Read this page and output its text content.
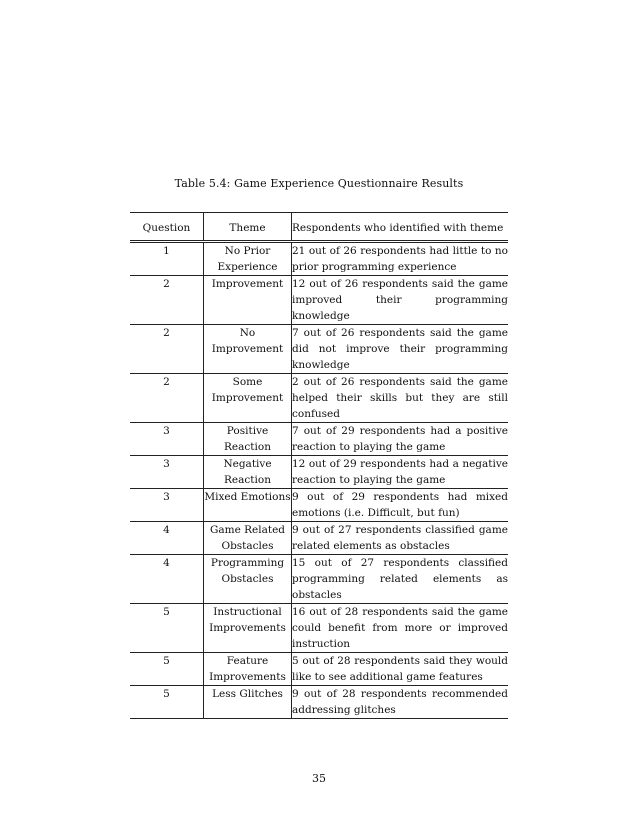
Table 5.4: Game Experience Questionnaire Results
Question	Theme	Respondents who identified with theme
1	No Prior Experience	21 out of 26 respondents had little to no prior programming experience

2	Improvement	12 out of 26 respondents said the game improved their programming knowledge

2	No Improvement	7 out of 26 respondents said the game did not improve their programming knowledge

2	Some Improvement	2 out of 26 respondents said the game helped their skills but they are still confused

3	Positive Reaction	7 out of 29 respondents had a positive reaction to playing the game

3	Negative Reaction	12 out of 29 respondents had a negative reaction to playing the game

3	Mixed Emotions	9 out of 29 respondents had mixed emotions (i.e. Difficult, but fun)

4	Game Related Obstacles	9 out of 27 respondents classified game related elements as obstacles

4	Programming Obstacles	15 out of 27 respondents classified programming related elements as obstacles

5	Instructional Improvements	16 out of 28 respondents said the game could benefit from more or improved instruction

5	Feature Improvements	5 out of 28 respondents said they would like to see additional game features

5	Less Glitches	9 out of 28 respondents recommended addressing glitches
35
